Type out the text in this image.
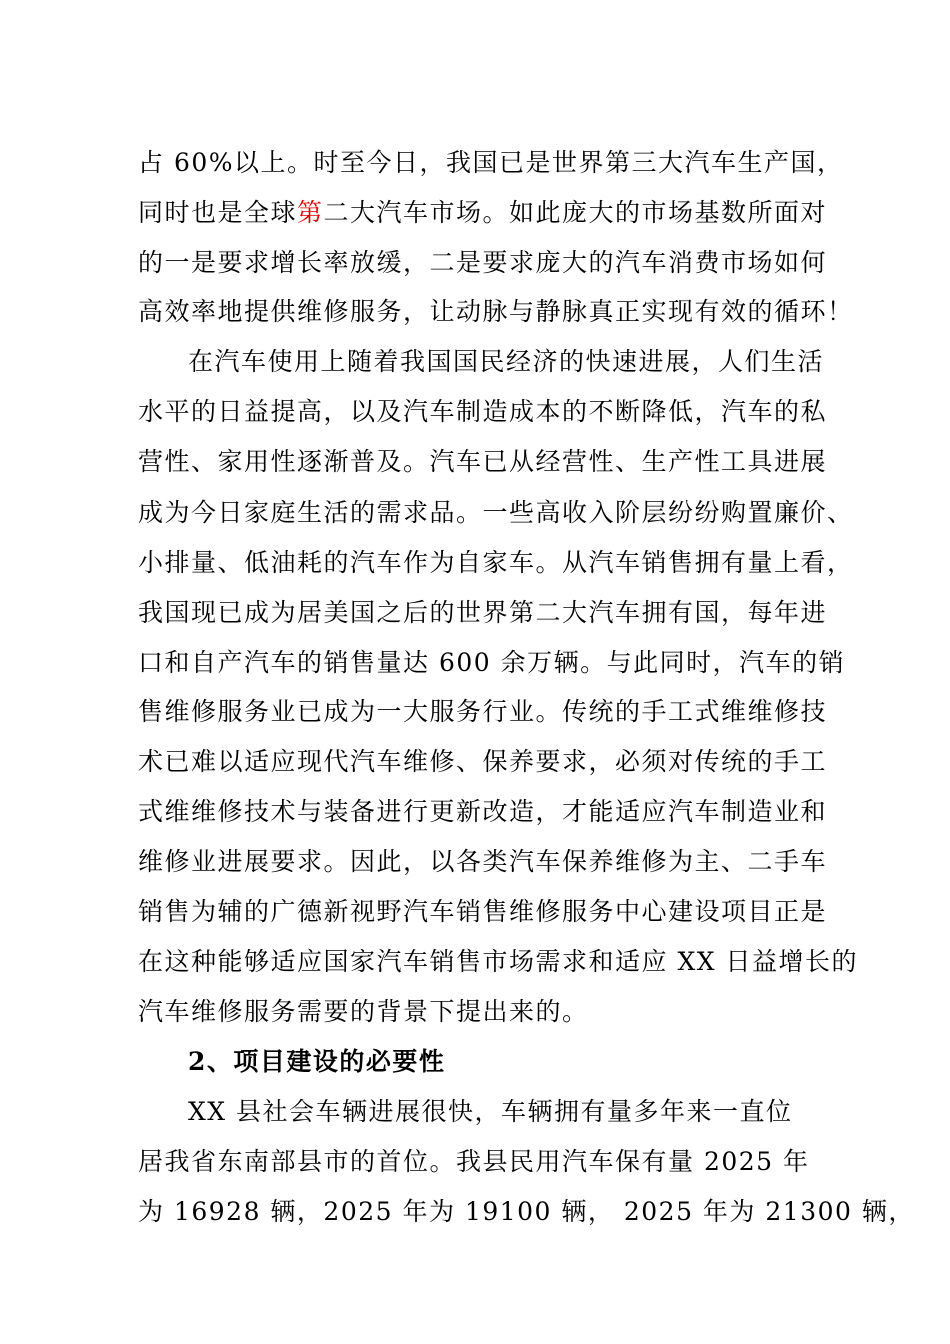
占 60%以上。时至今日，我国已是世界第三大汽车生产国，
同时也是全球第二大汽车市场。如此庞大的市场基数所面对
的一是要求增长率放缓，二是要求庞大的汽车消费市场如何
高效率地提供维修服务，让动脉与静脉真正实现有效的循环！
在汽车使用上随着我国国民经济的快速进展，人们生活
水平的日益提高，以及汽车制造成本的不断降低，汽车的私
营性、家用性逐渐普及。汽车已从经营性、生产性工具进展
成为今日家庭生活的需求品。一些高收入阶层纷纷购置廉价、
小排量、低油耗的汽车作为自家车。从汽车销售拥有量上看，
我国现已成为居美国之后的世界第二大汽车拥有国，每年进
口和自产汽车的销售量达 600 余万辆。与此同时，汽车的销
售维修服务业已成为一大服务行业。传统的手工式维维修技
术已难以适应现代汽车维修、保养要求，必须对传统的手工
式维维修技术与装备进行更新改造，才能适应汽车制造业和
维修业进展要求。因此，以各类汽车保养维修为主、二手车
销售为辅的广德新视野汽车销售维修服务中心建设项目正是
在这种能够适应国家汽车销售市场需求和适应 XX 日益增长的
汽车维修服务需要的背景下提出来的。
2、项目建设的必要性
XX 县社会车辆进展很快，车辆拥有量多年来一直位
居我省东南部县市的首位。我县民用汽车保有量 2025 年
为 16928 辆，2025 年为 19100 辆， 2025 年为 21300 辆，
